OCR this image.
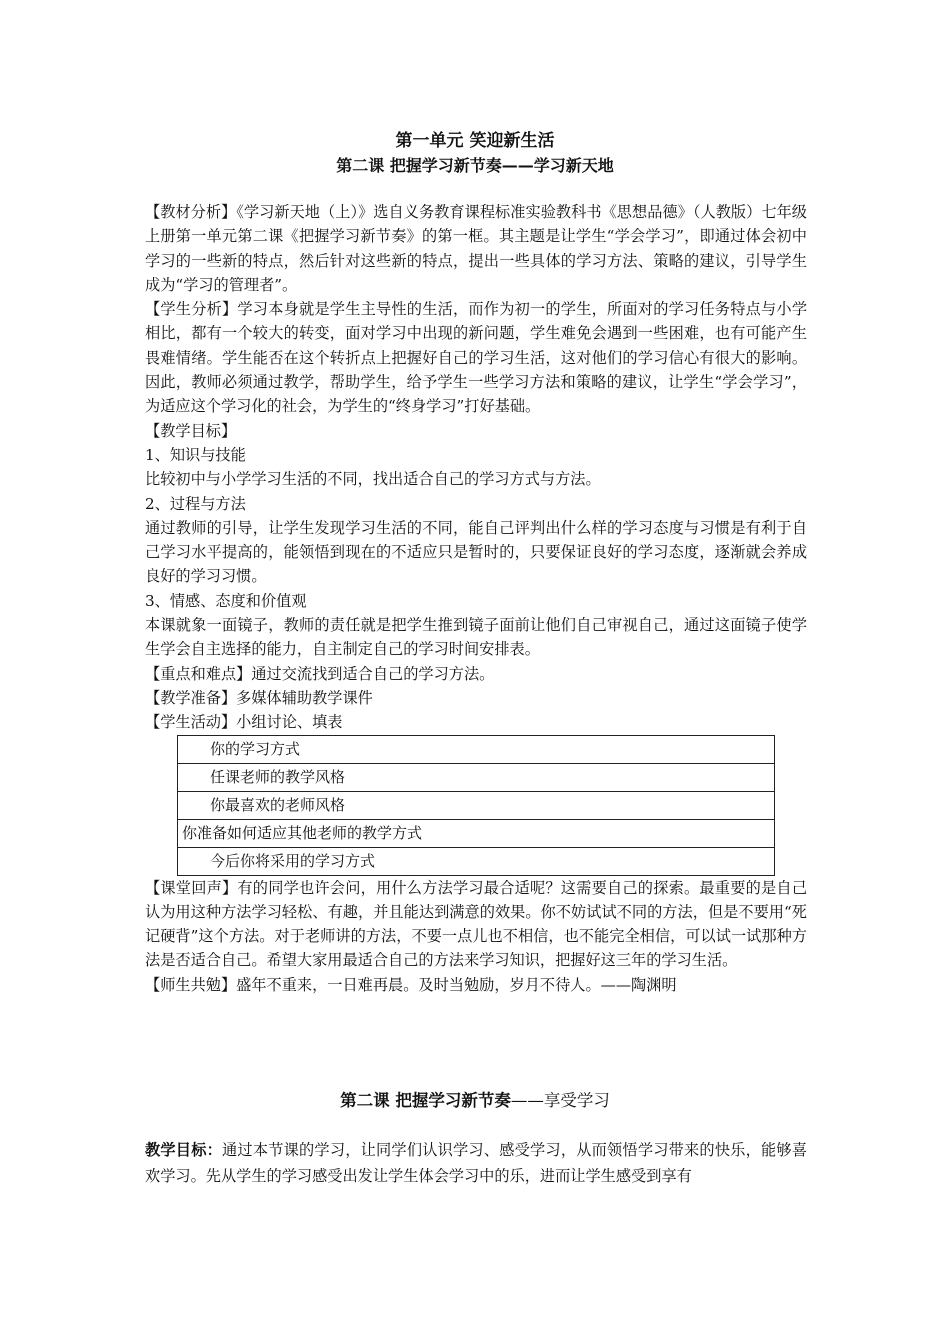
第一单元 笑迎新生活
第二课 把握学习新节奏——学习新天地

【教材分析】《学习新天地（上）》选自义务教育课程标准实验教科书《思想品德》（人教版）七年级上册第一单元第二课《把握学习新节奏》的第一框。其主题是让学生“学会学习”，即通过体会初中学习的一些新的特点，然后针对这些新的特点，提出一些具体的学习方法、策略的建议，引导学生成为“学习的管理者”。

【学生分析】学习本身就是学生主导性的生活，而作为初一的学生，所面对的学习任务特点与小学相比，都有一个较大的转变，面对学习中出现的新问题，学生难免会遇到一些困难，也有可能产生畏难情绪。学生能否在这个转折点上把握好自己的学习生活，这对他们的学习信心有很大的影响。因此，教师必须通过教学，帮助学生，给予学生一些学习方法和策略的建议，让学生“学会学习”，为适应这个学习化的社会，为学生的“终身学习”打好基础。

【教学目标】

1、知识与技能

比较初中与小学学习生活的不同，找出适合自己的学习方式与方法。

2、过程与方法

通过教师的引导，让学生发现学习生活的不同，能自己评判出什么样的学习态度与习惯是有利于自己学习水平提高的，能领悟到现在的不适应只是暂时的，只要保证良好的学习态度，逐渐就会养成良好的学习习惯。

3、情感、态度和价值观

本课就象一面镜子，教师的责任就是把学生推到镜子面前让他们自己审视自己，通过这面镜子使学生学会自主选择的能力，自主制定自己的学习时间安排表。

【重点和难点】通过交流找到适合自己的学习方法。

【教学准备】多媒体辅助教学课件

【学生活动】小组讨论、填表

你的学习方式
任课老师的教学风格
你最喜欢的老师风格
你准备如何适应其他老师的教学方式
今后你将采用的学习方式

【课堂回声】有的同学也许会问，用什么方法学习最合适呢？这需要自己的探索。最重要的是自己认为用这种方法学习轻松、有趣，并且能达到满意的效果。你不妨试试不同的方法，但是不要用“死记硬背”这个方法。对于老师讲的方法，不要一点儿也不相信，也不能完全相信，可以试一试那种方法是否适合自己。希望大家用最适合自己的方法来学习知识，把握好这三年的学习生活。

【师生共勉】盛年不重来，一日难再晨。及时当勉励，岁月不待人。——陶渊明

第二课 把握学习新节奏——享受学习
教学目标：通过本节课的学习，让同学们认识学习、感受学习，从而领悟学习带来的快乐，能够喜欢学习。先从学生的学习感受出发让学生体会学习中的乐，进而让学生感受到享有
